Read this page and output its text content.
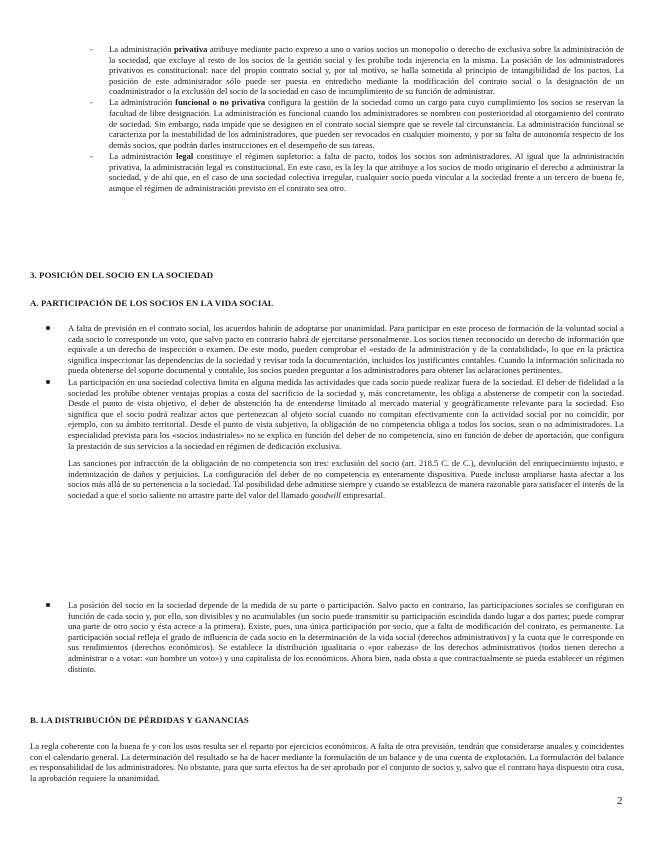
- La administración privativa atribuye mediante pacto expreso a uno o varios socios un monopolio o derecho de exclusiva sobre la administración de la sociedad, que excluye al resto de los socios de la gestión social y les prohíbe toda injerencia en la misma. La posición de los administradores privativos es constitucional: nace del propio contrato social y, por tal motivo, se halla sometida al principio de intangibilidad de los pactos. La posición de este administrador sólo puede ser puesta en entredicho mediante la modificación del contrato social o la designación de un coadministrador o la exclusión del socio de la sociedad en caso de incumplimiento de su función de administrar.

- La administración funcional o no privativa configura la gestión de la sociedad como un cargo para cuyo cumplimiento los socios se reservan la facultad de libre designación. La administración es funcional cuando los administradores se nombren con posterioridad al otorgamiento del contrato de sociedad. Sin embargo, nada impide que se designen en el contrato social siempre que se revele tal circunstancia. La administración funcional se caracteriza por la inestabilidad de los administradores, que pueden ser revocados en cualquier momento, y por su falta de autonomía respecto de los demás socios, que podrán darles instrucciones en el desempeño de sus tareas.

- La administración legal constituye el régimen supletorio: a falta de pacto, todos los socios son administradores. Al igual que la administración privativa, la administración legal es constitucional. En este caso, es la ley la que atribuye a los socios de modo originario el derecho a administrar la sociedad, y de ahí que, en el caso de una sociedad colectiva irregular, cualquier socio pueda vincular a la sociedad frente a un tercero de buena fe, aunque el régimen de administración previsto en el contrato sea otro.

3. POSICIÓN DEL SOCIO EN LA SOCIEDAD
A. PARTICIPACIÓN DE LOS SOCIOS EN LA VIDA SOCIAL

A falta de previsión en el contrato social, los acuerdos habrán de adoptarse por unanimidad. Para participar en este proceso de formación de la voluntad social a cada socio le corresponde un voto, que salvo pacto en contrario habrá de ejercitarse personalmente. Los socios tienen reconocido un derecho de información que equivale a un derecho de inspección o examen. De este modo, pueden comprobar el «estado de la administración y de la contabilidad», lo que en la práctica significa inspeccionar las dependencias de la sociedad y revisar toda la documentación, incluidos los justificantes contables. Cuando la información solicitada no pueda obtenerse del soporte documental y contable, los socios pueden preguntar a los administradores para obtener las aclaraciones pertinentes.

La participación en una sociedad colectiva limita en alguna medida las actividades que cada socio puede realizar fuera de la sociedad. El deber de fidelidad a la sociedad les prohíbe obtener ventajas propias a costa del sacrificio de la sociedad y, más concretamente, les obliga a abstenerse de competir con la sociedad. Desde el punto de vista objetivo, el deber de abstención ha de entenderse limitado al mercado material y geográficamente relevante para la sociedad. Eso significa que el socio podrá realizar actos que pertenezcan al objeto social cuando no compitan efectivamente con la actividad social por no coincidir, por ejemplo, con su ámbito territorial. Desde el punto de vista subjetivo, la obligación de no competencia obliga a todos los socios, sean o no administradores. La especialidad prevista para los «socios industriales» no se explica en función del deber de no competencia, sino en función de deber de aportación, que configura la prestación de sus servicios a la sociedad en régimen de dedicación exclusiva.

Las sanciones por infracción de la obligación de no competencia son tres: exclusión del socio (art. 218.5 C. de C.), devolución del enriquecimiento injusto, e indemnización de daños y perjuicios. La configuración del deber de no competencia es enteramente dispositiva. Puede incluso ampliarse hasta afectar a los socios más allá de su pertenencia a la sociedad. Tal posibilidad debe admitirse siempre y cuando se establezca de manera razonable para satisfacer el interés de la sociedad a que el socio saliente no arrastre parte del valor del llamado goodwill empresarial.

La posición del socio en la sociedad depende de la medida de su parte o participación. Salvo pacto en contrario, las participaciones sociales se configuran en función de cada socio y, por ello, son divisibles y no acumulables (un socio puede transmitir su participación escindida dando lugar a dos partes; puede comprar una parte de otro socio y ésta acrece a la primera). Existe, pues, una única participación por socio, que a falta de modificación del contrato, es permanente. La participación social refleja el grado de influencia de cada socio en la determinación de la vida social (derechos administrativos) y la cuota que le corresponde en sus rendimientos (derechos económicos). Se establece la distribución igualitaria o «por cabezas» de los derechos administrativos (todos tienen derecho a administrar o a votar: «un hombre un voto») y una capitalista de los económicos. Ahora bien, nada obsta a que contractualmente se pueda establecer un régimen distinto.

B. LA DISTRIBUCIÓN DE PÉRDIDAS Y GANANCIAS

La regla coherente con la buena fe y con los usos resulta ser el reparto por ejercicios económicos. A falta de otra previsión, tendrán que considerarse anuales y coincidentes con el calendario general. La determinación del resultado se ha de hacer mediante la formulación de un balance y de una cuenta de explotación. La formulación del balance es responsabilidad de los administradores. No obstante, para que surta efectos ha de ser aprobado por el conjunto de socios y, salvo que el contrato haya dispuesto otra cosa, la aprobación requiere la unanimidad.

2
